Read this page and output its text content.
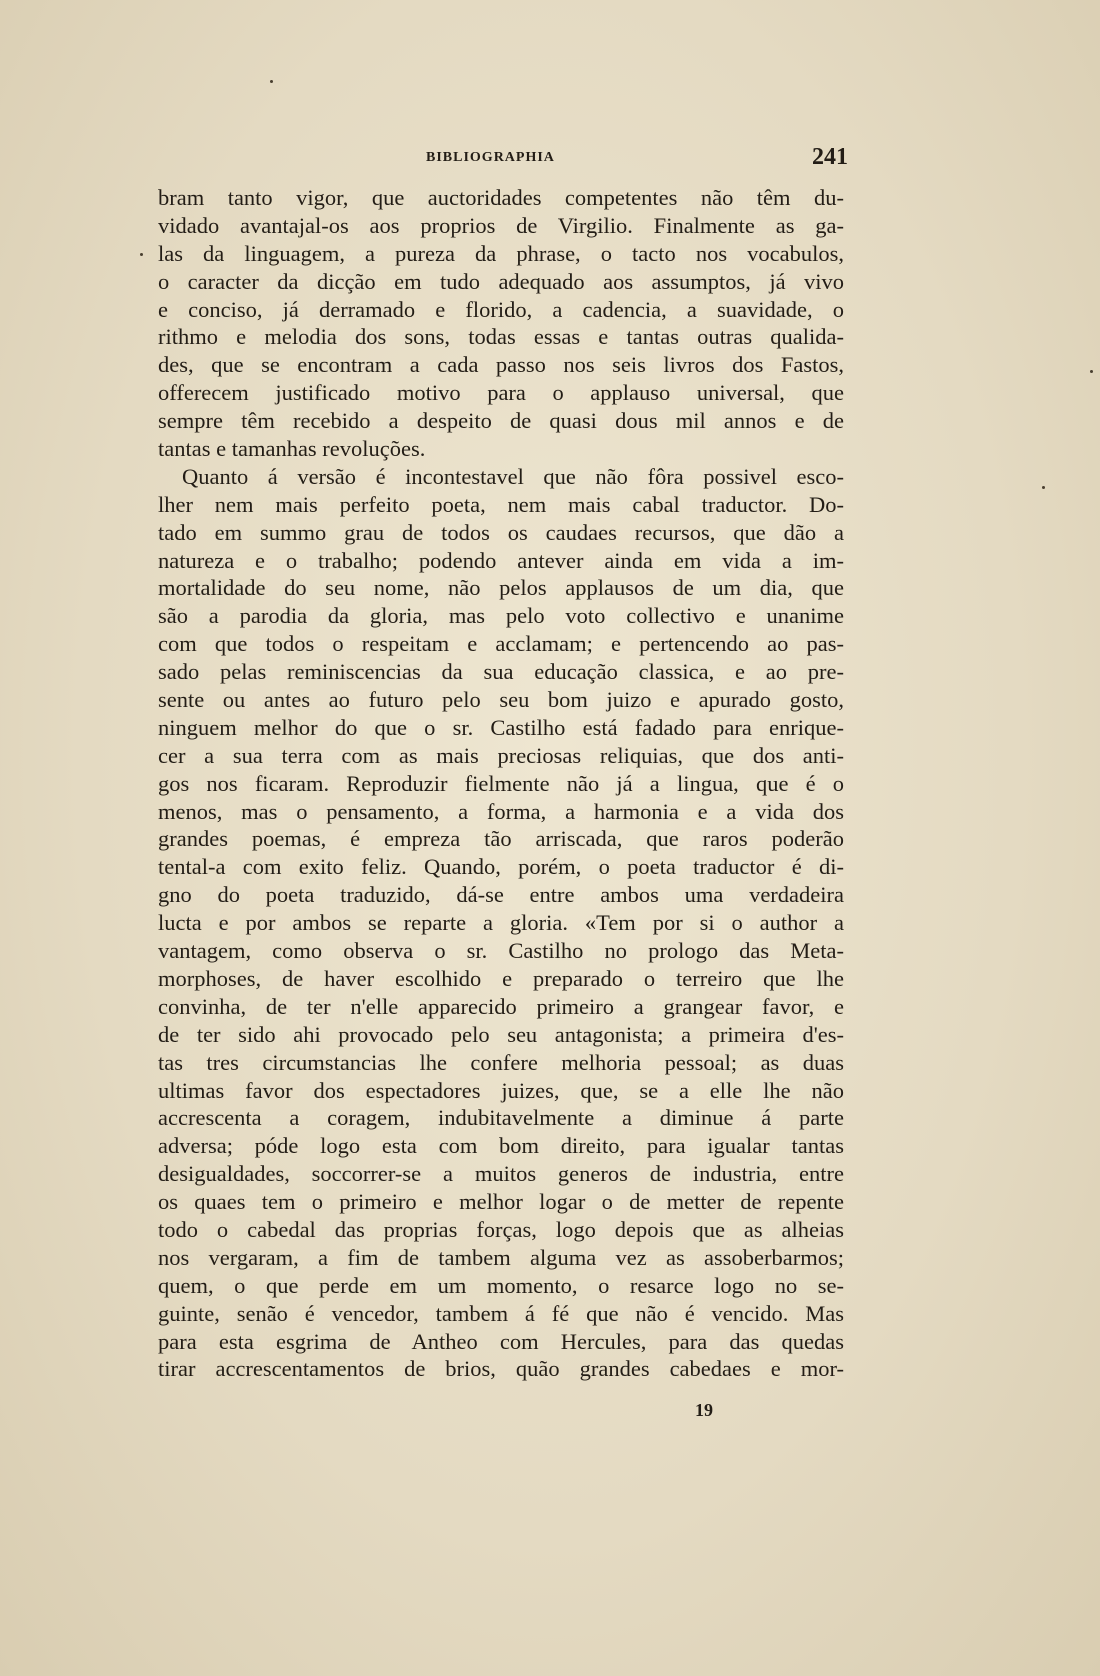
BIBLIOGRAPHIA	241
bram tanto vigor, que auctoridades competentes não têm du-
vidado avantajal-os aos proprios de Virgilio. Finalmente as ga-
las da linguagem, a pureza da phrase, o tacto nos vocabulos,
o caracter da dicção em tudo adequado aos assumptos, já vivo
e conciso, já derramado e florido, a cadencia, a suavidade, o
rithmo e melodia dos sons, todas essas e tantas outras qualida-
des, que se encontram a cada passo nos seis livros dos Fastos,
offerecem justificado motivo para o applauso universal, que
sempre têm recebido a despeito de quasi dous mil annos e de
tantas e tamanhas revoluções.
Quanto á versão é incontestavel que não fôra possivel esco-
lher nem mais perfeito poeta, nem mais cabal traductor. Do-
tado em summo grau de todos os caudaes recursos, que dão a
natureza e o trabalho; podendo antever ainda em vida a im-
mortalidade do seu nome, não pelos applausos de um dia, que
são a parodia da gloria, mas pelo voto collectivo e unanime
com que todos o respeitam e acclamam; e pertencendo ao pas-
sado pelas reminiscencias da sua educação classica, e ao pre-
sente ou antes ao futuro pelo seu bom juizo e apurado gosto,
ninguem melhor do que o sr. Castilho está fadado para enrique-
cer a sua terra com as mais preciosas reliquias, que dos anti-
gos nos ficaram. Reproduzir fielmente não já a lingua, que é o
menos, mas o pensamento, a forma, a harmonia e a vida dos
grandes poemas, é empreza tão arriscada, que raros poderão
tental-a com exito feliz. Quando, porém, o poeta traductor é di-
gno do poeta traduzido, dá-se entre ambos uma verdadeira
lucta e por ambos se reparte a gloria. «Tem por si o author a
vantagem, como observa o sr. Castilho no prologo das Meta-
morphoses, de haver escolhido e preparado o terreiro que lhe
convinha, de ter n'elle apparecido primeiro a grangear favor, e
de ter sido ahi provocado pelo seu antagonista; a primeira d'es-
tas tres circumstancias lhe confere melhoria pessoal; as duas
ultimas favor dos espectadores juizes, que, se a elle lhe não
accrescenta a coragem, indubitavelmente a diminue á parte
adversa; póde logo esta com bom direito, para igualar tantas
desigualdades, soccorrer-se a muitos generos de industria, entre
os quaes tem o primeiro e melhor logar o de metter de repente
todo o cabedal das proprias forças, logo depois que as alheias
nos vergaram, a fim de tambem alguma vez as assoberbarmos;
quem, o que perde em um momento, o resarce logo no se-
guinte, senão é vencedor, tambem á fé que não é vencido. Mas
para esta esgrima de Antheo com Hercules, para das quedas
tirar accrescentamentos de brios, quão grandes cabedaes e mor-
19
